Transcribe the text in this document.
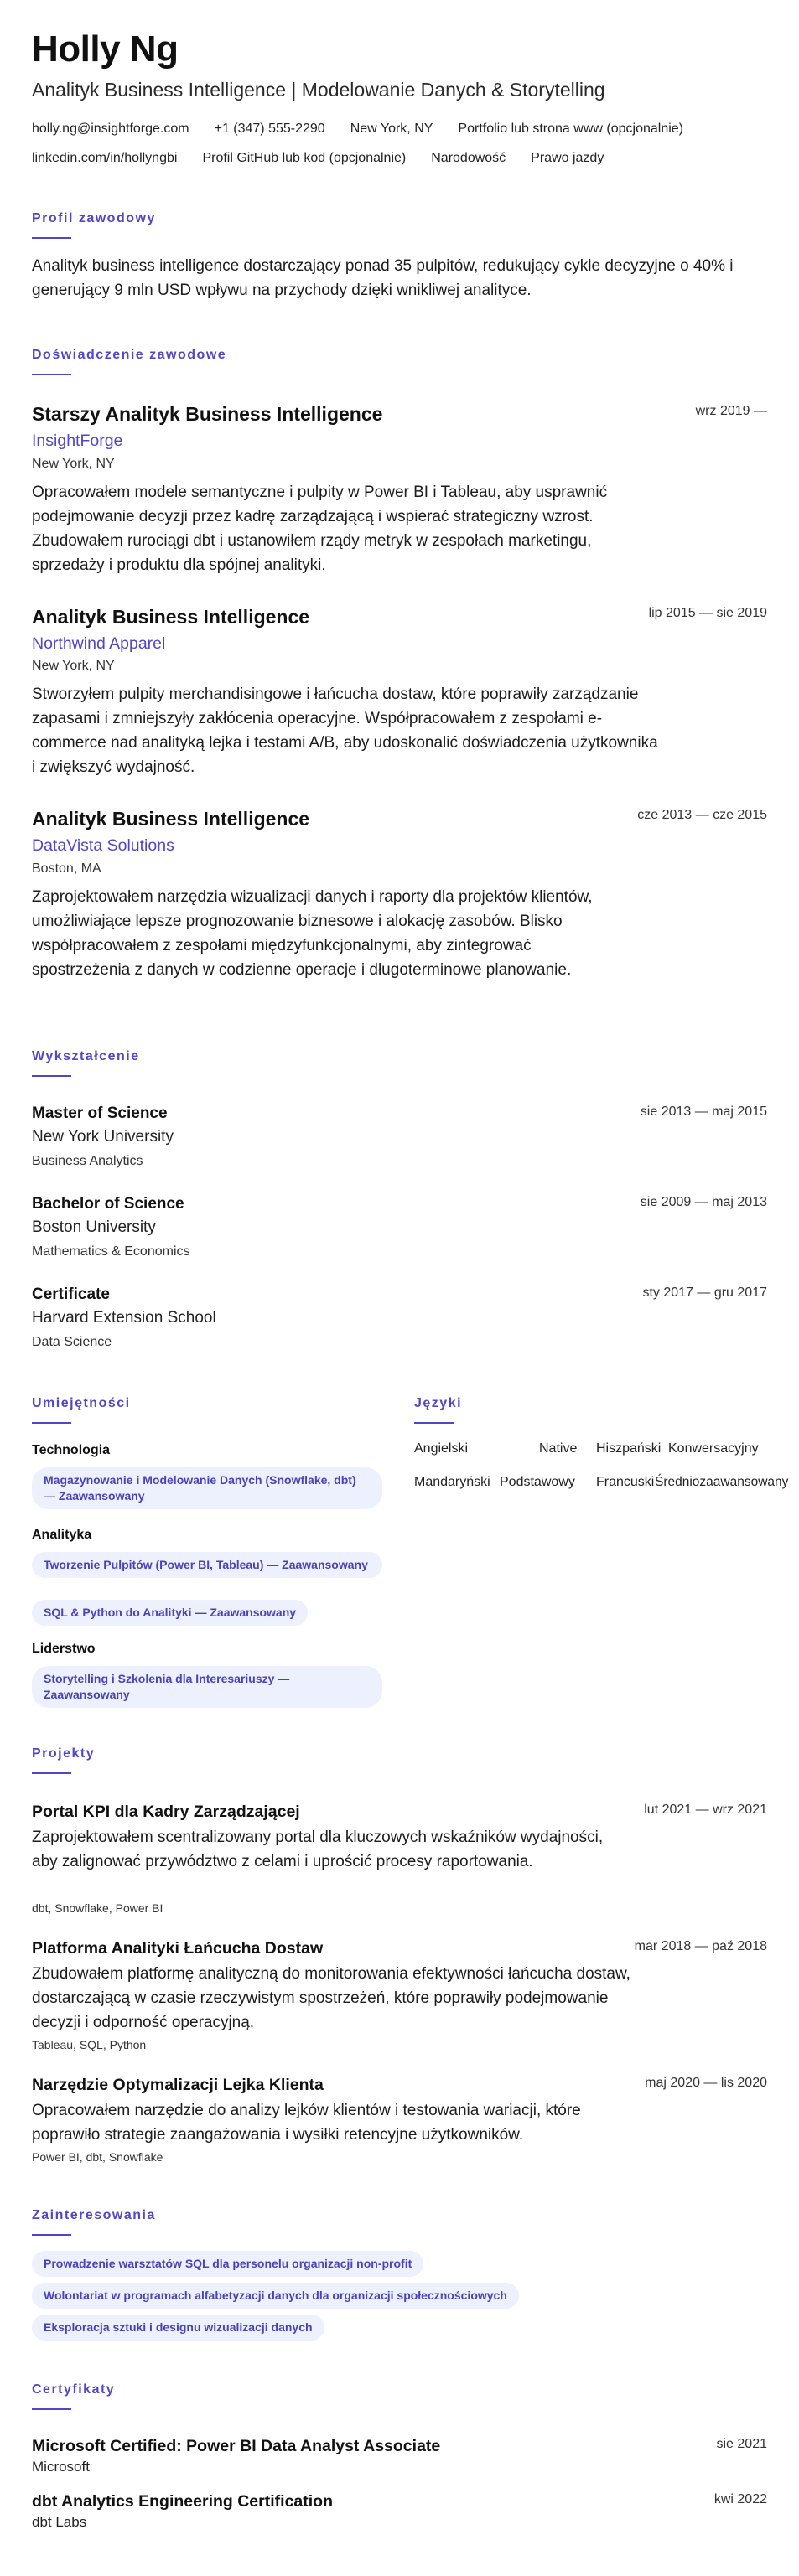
Holly Ng
Analityk Business Intelligence | Modelowanie Danych & Storytelling
holly.ng@insightforge.com +1 (347) 555-2290 New York, NY Portfolio lub strona www (opcjonalnie)
linkedin.com/in/hollyngbi Profil GitHub lub kod (opcjonalnie) Narodowość Prawo jazdy
Profil zawodowy
Analityk business intelligence dostarczający ponad 35 pulpitów, redukujący cykle decyzyjne o 40% i generujący 9 mln USD wpływu na przychody dzięki wnikliwej analityce.
Doświadczenie zawodowe
Starszy Analityk Business Intelligence	wrz 2019 —
InsightForge
New York, NY
Opracowałem modele semantyczne i pulpity w Power BI i Tableau, aby usprawnić podejmowanie decyzji przez kadrę zarządzającą i wspierać strategiczny wzrost. Zbudowałem rurociągi dbt i ustanowiłem rządy metryk w zespołach marketingu, sprzedaży i produktu dla spójnej analityki.
Analityk Business Intelligence	lip 2015 — sie 2019
Northwind Apparel
New York, NY
Stworzyłem pulpity merchandisingowe i łańcucha dostaw, które poprawiły zarządzanie zapasami i zmniejszyły zakłócenia operacyjne. Współpracowałem z zespołami e-commerce nad analityką lejka i testami A/B, aby udoskonalić doświadczenia użytkownika i zwiększyć wydajność.
Analityk Business Intelligence	cze 2013 — cze 2015
DataVista Solutions
Boston, MA
Zaprojektowałem narzędzia wizualizacji danych i raporty dla projektów klientów, umożliwiające lepsze prognozowanie biznesowe i alokację zasobów. Blisko współpracowałem z zespołami międzyfunkcjonalnymi, aby zintegrować spostrzeżenia z danych w codzienne operacje i długoterminowe planowanie.
Wykształcenie
Master of Science	sie 2013 — maj 2015
New York University
Business Analytics
Bachelor of Science	sie 2009 — maj 2013
Boston University
Mathematics & Economics
Certificate	sty 2017 — gru 2017
Harvard Extension School
Data Science
Umiejętności
Technologia
Magazynowanie i Modelowanie Danych (Snowflake, dbt) — Zaawansowany
Analityka
Tworzenie Pulpitów (Power BI, Tableau) — Zaawansowany
SQL & Python do Analityki — Zaawansowany
Liderstwo
Storytelling i Szkolenia dla Interesariuszy — Zaawansowany
Języki
Angielski	Native Hiszpański Konwersacyjny
Mandaryński Podstawowy Francuski Średniozaawansowany
Projekty
Portal KPI dla Kadry Zarządzającej	lut 2021 — wrz 2021
Zaprojektowałem scentralizowany portal dla kluczowych wskaźników wydajności, aby zalignować przywództwo z celami i uprościć procesy raportowania.
dbt, Snowflake, Power BI
Platforma Analityki Łańcucha Dostaw	mar 2018 — paź 2018
Zbudowałem platformę analityczną do monitorowania efektywności łańcucha dostaw, dostarczającą w czasie rzeczywistym spostrzeżeń, które poprawiły podejmowanie decyzji i odporność operacyjną.
Tableau, SQL, Python
Narzędzie Optymalizacji Lejka Klienta	maj 2020 — lis 2020
Opracowałem narzędzie do analizy lejków klientów i testowania wariacji, które poprawiło strategie zaangażowania i wysiłki retencyjne użytkowników.
Power BI, dbt, Snowflake
Zainteresowania
Prowadzenie warsztatów SQL dla personelu organizacji non-profit
Wolontariat w programach alfabetyzacji danych dla organizacji społecznościowych
Eksploracja sztuki i designu wizualizacji danych
Certyfikaty
Microsoft Certified: Power BI Data Analyst Associate	sie 2021
Microsoft
dbt Analytics Engineering Certification	kwi 2022
dbt Labs
